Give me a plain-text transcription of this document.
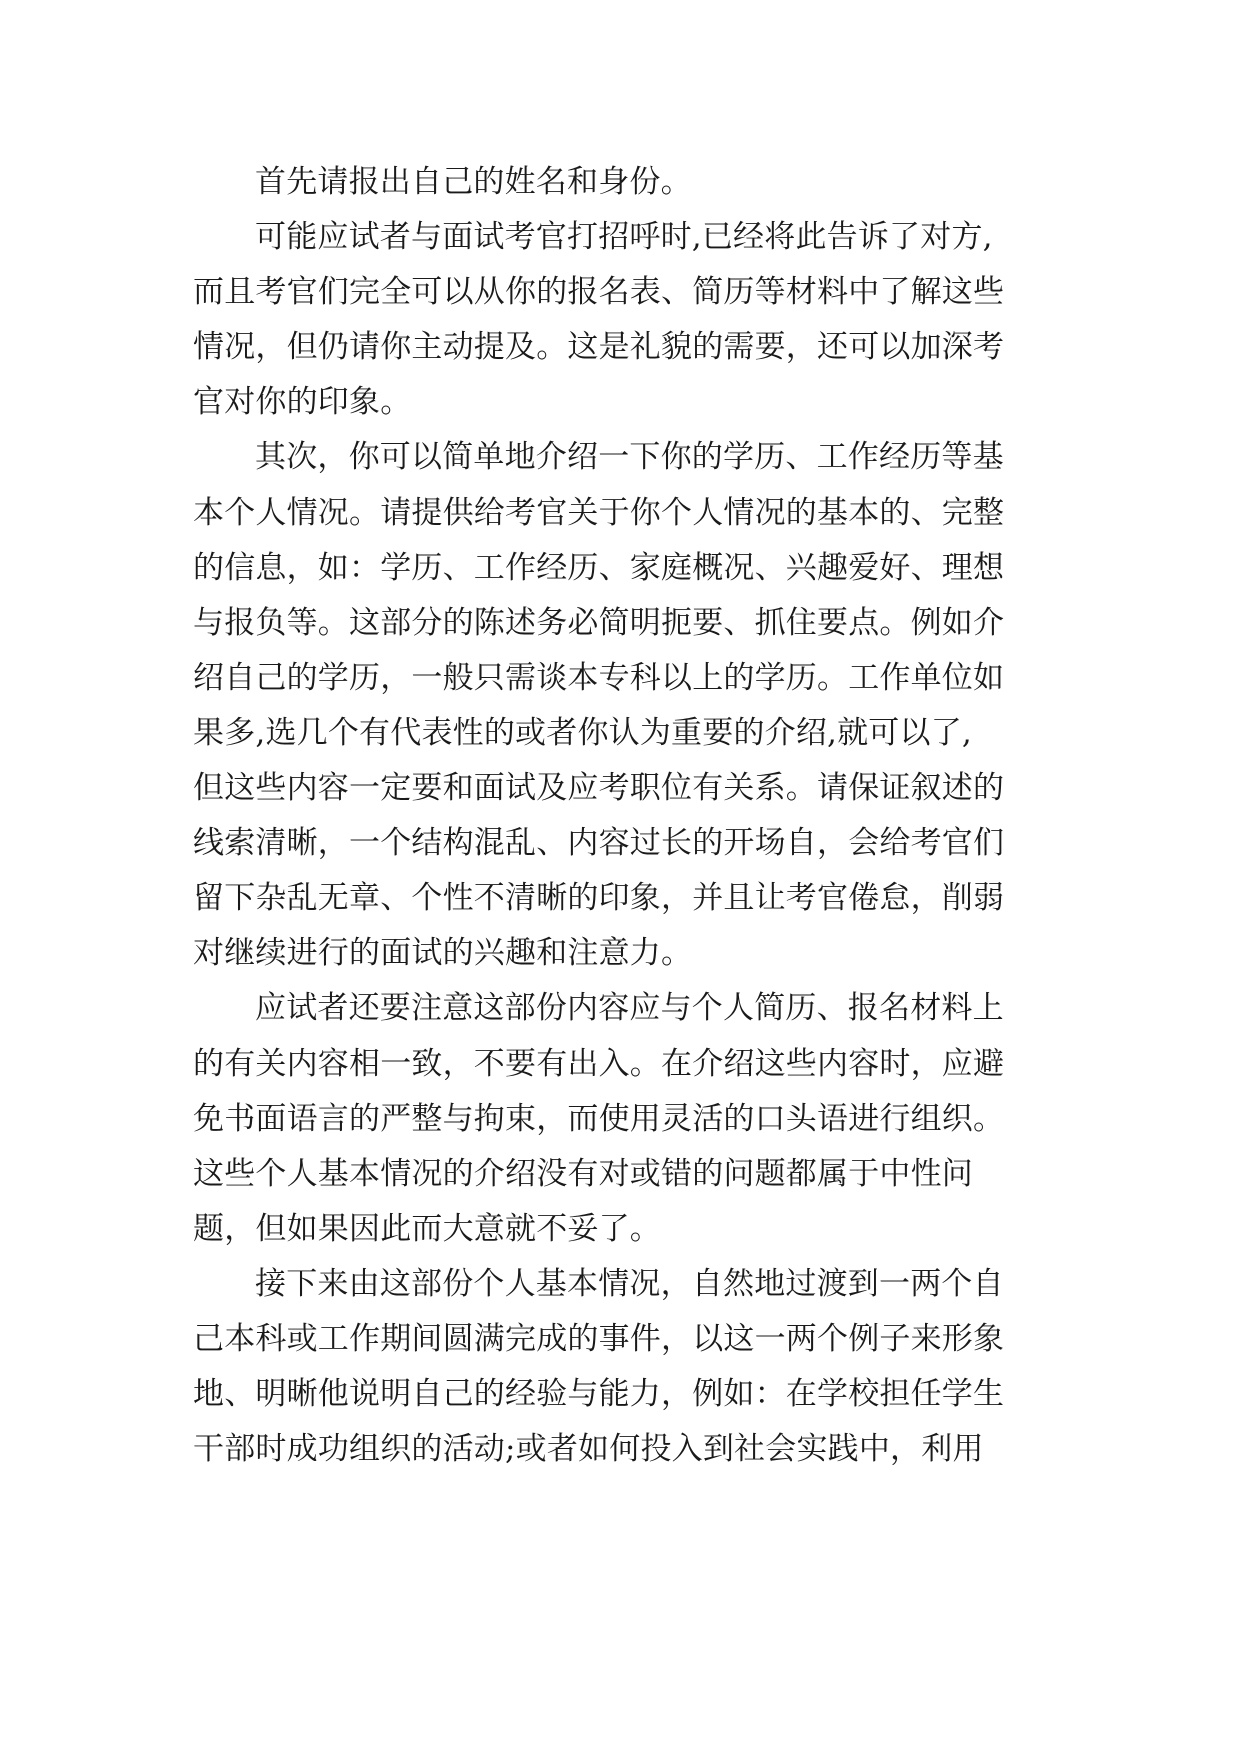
首先请报出自己的姓名和身份。
可能应试者与面试考官打招呼时,已经将此告诉了对方,
而且考官们完全可以从你的报名表、简历等材料中了解这些
情况，但仍请你主动提及。这是礼貌的需要，还可以加深考
官对你的印象。
其次，你可以简单地介绍一下你的学历、工作经历等基
本个人情况。请提供给考官关于你个人情况的基本的、完整
的信息，如：学历、工作经历、家庭概况、兴趣爱好、理想
与报负等。这部分的陈述务必简明扼要、抓住要点。例如介
绍自己的学历，一般只需谈本专科以上的学历。工作单位如
果多,选几个有代表性的或者你认为重要的介绍,就可以了,
但这些内容一定要和面试及应考职位有关系。请保证叙述的
线索清晰，一个结构混乱、内容过长的开场自，会给考官们
留下杂乱无章、个性不清晰的印象，并且让考官倦怠，削弱
对继续进行的面试的兴趣和注意力。
应试者还要注意这部份内容应与个人简历、报名材料上
的有关内容相一致，不要有出入。在介绍这些内容时，应避
免书面语言的严整与拘束，而使用灵活的口头语进行组织。
这些个人基本情况的介绍没有对或错的问题都属于中性问
题，但如果因此而大意就不妥了。
接下来由这部份个人基本情况，自然地过渡到一两个自
己本科或工作期间圆满完成的事件，以这一两个例子来形象
地、明晰他说明自己的经验与能力，例如：在学校担任学生
干部时成功组织的活动;或者如何投入到社会实践中，利用
